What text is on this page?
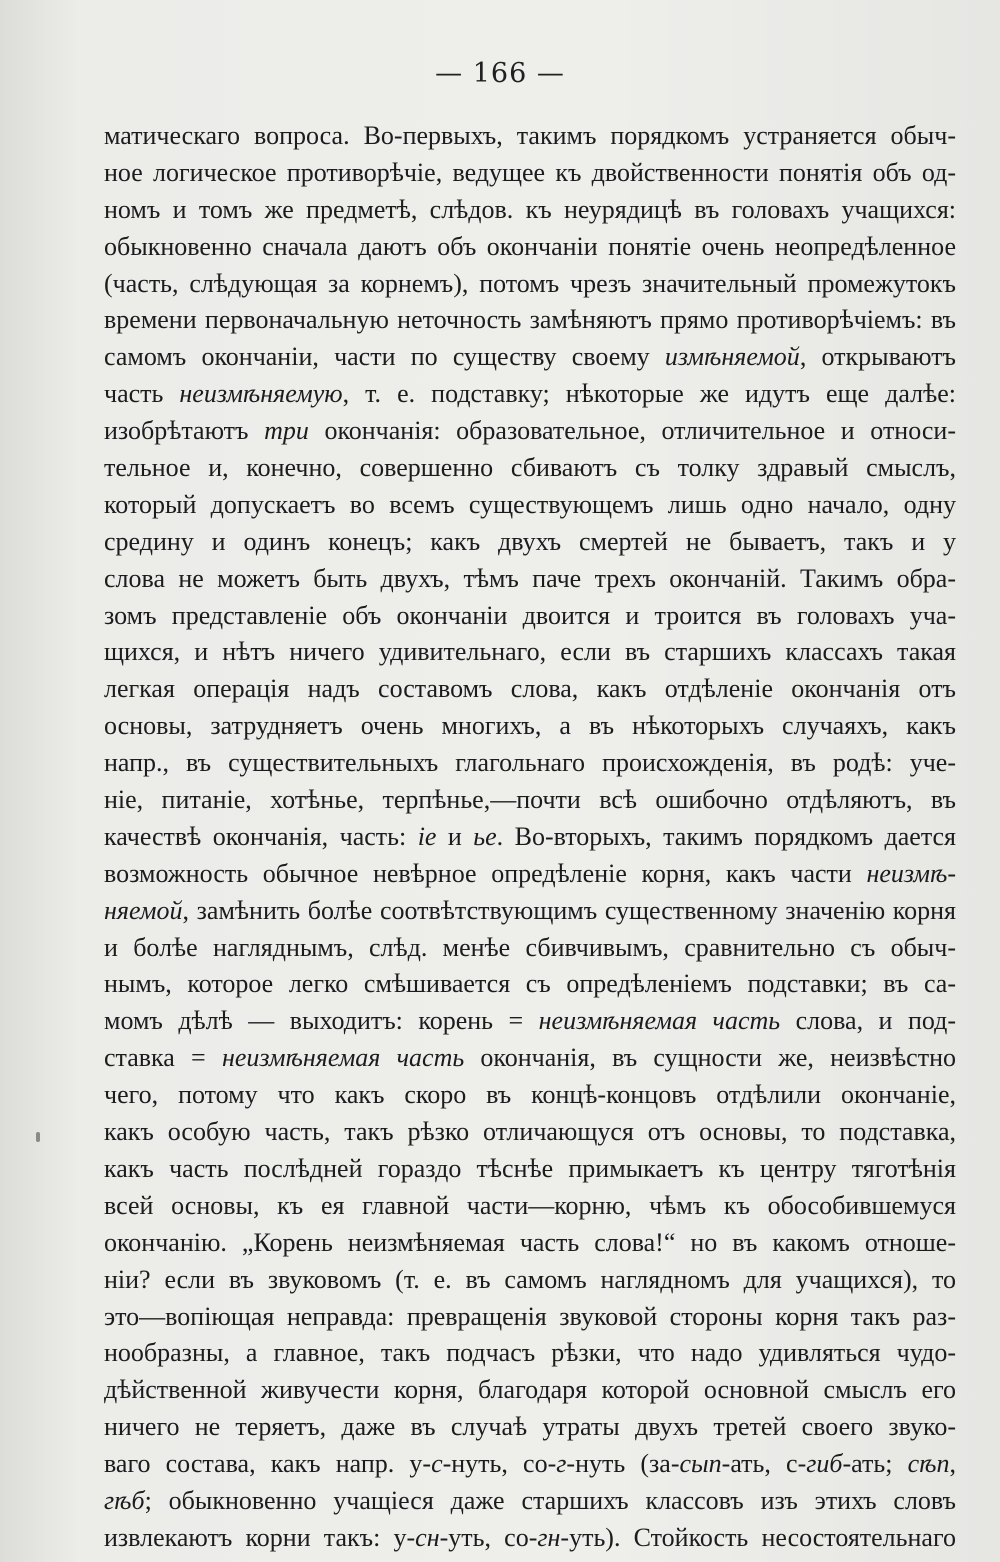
— 166 —
матическаго вопроса. Во-первыхъ, такимъ порядкомъ устраняется обыч-
ное логическое противорѣчіе, ведущее къ двойственности понятія объ од-
номъ и томъ же предметѣ, слѣдов. къ неурядицѣ въ головахъ учащихся:
обыкновенно сначала даютъ объ окончаніи понятіе очень неопредѣленное
(часть, слѣдующая за корнемъ), потомъ чрезъ значительный промежутокъ
времени первоначальную неточность замѣняютъ прямо противорѣчіемъ: въ
самомъ окончаніи, части по существу своему измѣняемой, открываютъ
часть неизмѣняемую, т. е. подставку; нѣкоторые же идутъ еще далѣе:
изобрѣтаютъ три окончанія: образовательное, отличительное и относи-
тельное и, конечно, совершенно сбиваютъ съ толку здравый смыслъ,
который допускаетъ во всемъ существующемъ лишь одно начало, одну
средину и одинъ конецъ; какъ двухъ смертей не бываетъ, такъ и у
слова не можетъ быть двухъ, тѣмъ паче трехъ окончаній. Такимъ обра-
зомъ представленіе объ окончаніи двоится и троится въ головахъ уча-
щихся, и нѣтъ ничего удивительнаго, если въ старшихъ классахъ такая
легкая операція надъ составомъ слова, какъ отдѣленіе окончанія отъ
основы, затрудняетъ очень многихъ, а въ нѣкоторыхъ случаяхъ, какъ
напр., въ существительныхъ глагольнаго происхожденія, въ родѣ: уче-
ніе, питаніе, хотѣнье, терпѣнье,—почти всѣ ошибочно отдѣляютъ, въ
качествѣ окончанія, часть: іе и ье. Во-вторыхъ, такимъ порядкомъ дается
возможность обычное невѣрное опредѣленіе корня, какъ части неизмѣ-
няемой, замѣнить болѣе соотвѣтствующимъ существенному значенію корня
и болѣе нагляднымъ, слѣд. менѣе сбивчивымъ, сравнительно съ обыч-
нымъ, которое легко смѣшивается съ опредѣленіемъ подставки; въ са-
момъ дѣлѣ — выходитъ: корень = неизмѣняемая часть слова, и под-
ставка = неизмѣняемая часть окончанія, въ сущности же, неизвѣстно
чего, потому что какъ скоро въ концѣ-концовъ отдѣлили окончаніе,
какъ особую часть, такъ рѣзко отличающуся отъ основы, то подставка,
какъ часть послѣдней гораздо тѣснѣе примыкаетъ къ центру тяготѣнія
всей основы, къ ея главной части—корню, чѣмъ къ обособившемуся
окончанію. „Корень неизмѣняемая часть слова!“ но въ какомъ отноше-
ніи? если въ звуковомъ (т. е. въ самомъ наглядномъ для учащихся), то
это—вопіющая неправда: превращенія звуковой стороны корня такъ раз-
нообразны, а главное, такъ подчасъ рѣзки, что надо удивляться чудо-
дѣйственной живучести корня, благодаря которой основной смыслъ его
ничего не теряетъ, даже въ случаѣ утраты двухъ третей своего звуко-
ваго состава, какъ напр. у-с-нуть, со-г-нуть (за-сып-ать, с-гиб-ать; сѣп,
гѣб; обыкновенно учащіеся даже старшихъ классовъ изъ этихъ словъ
извлекаютъ корни такъ: у-сн-уть, со-гн-уть). Стойкость несостоятельнаго
